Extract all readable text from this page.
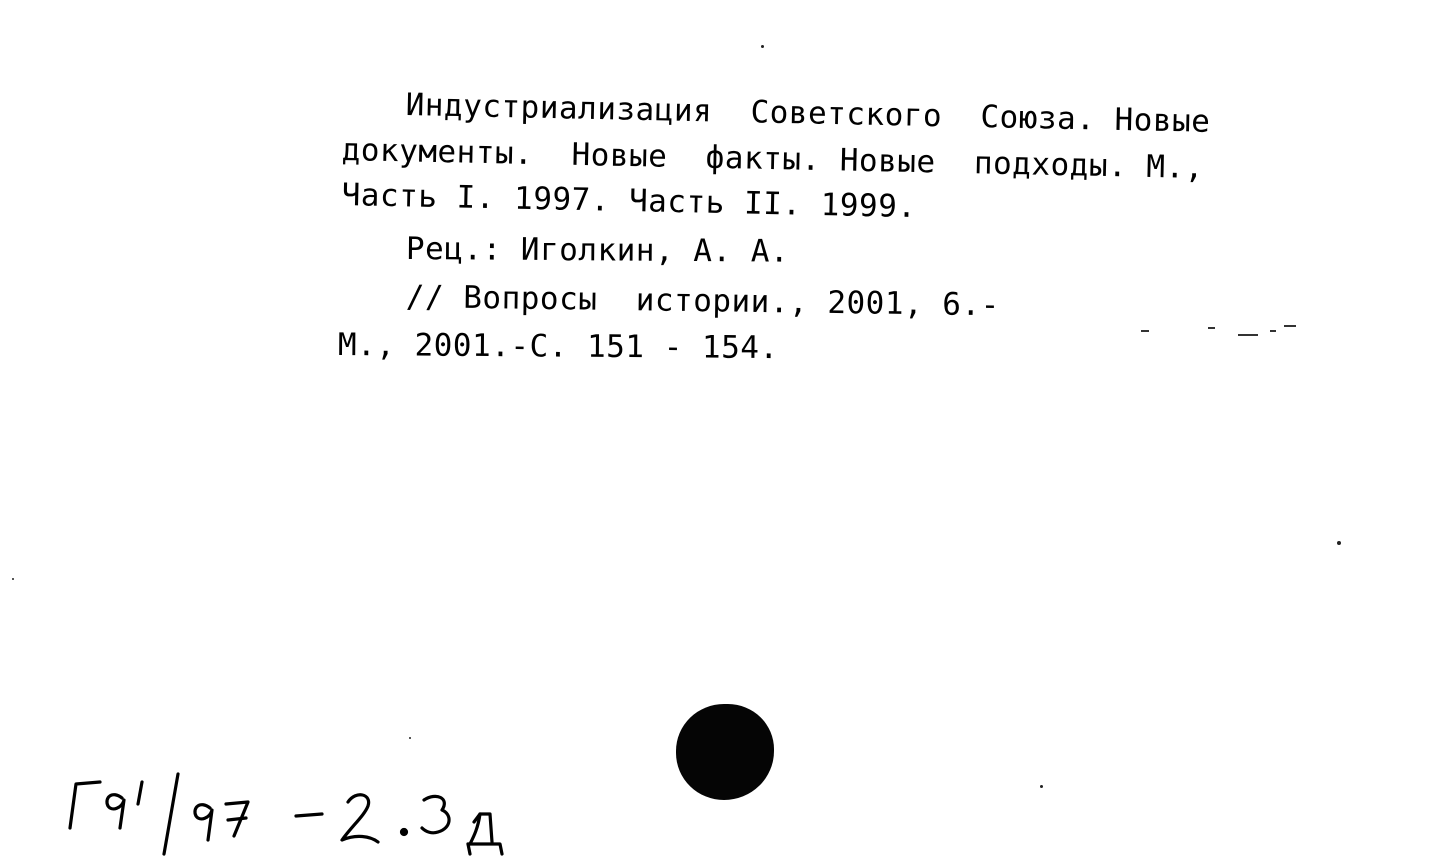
Индустриализация  Советского  Союза. Новые
документы.  Новые  факты. Новые  подходы. М.,
Часть I. 1997. Часть II. 1999.
Рец.: Иголкин, А. А.
// Вопросы  истории., 2001, 6.-
М., 2001.-С. 151 - 154.
